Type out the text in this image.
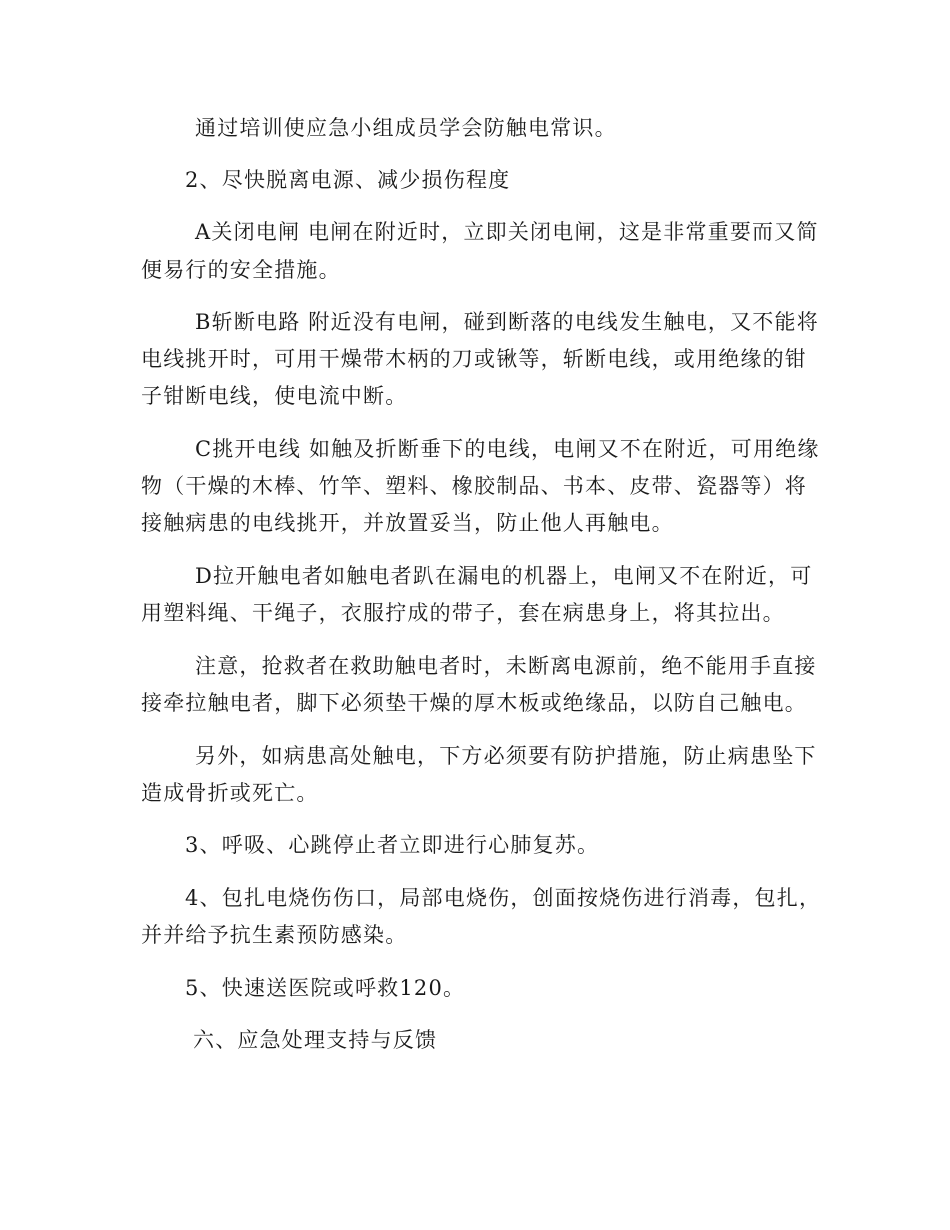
通过培训使应急小组成员学会防触电常识。
2、尽快脱离电源、减少损伤程度
A关闭电闸 电闸在附近时，立即关闭电闸，这是非常重要而又简
便易行的安全措施。
B斩断电路 附近没有电闸，碰到断落的电线发生触电，又不能将
电线挑开时，可用干燥带木柄的刀或锹等，斩断电线，或用绝缘的钳
子钳断电线，使电流中断。
C挑开电线 如触及折断垂下的电线，电闸又不在附近，可用绝缘
物（干燥的木棒、竹竿、塑料、橡胶制品、书本、皮带、瓷器等）将
接触病患的电线挑开，并放置妥当，防止他人再触电。
D拉开触电者如触电者趴在漏电的机器上，电闸又不在附近，可
用塑料绳、干绳子，衣服拧成的带子，套在病患身上，将其拉出。
注意，抢救者在救助触电者时，未断离电源前，绝不能用手直接
接牵拉触电者，脚下必须垫干燥的厚木板或绝缘品，以防自己触电。
另外，如病患高处触电，下方必须要有防护措施，防止病患坠下
造成骨折或死亡。
3、呼吸、心跳停止者立即进行心肺复苏。
4、包扎电烧伤伤口，局部电烧伤，创面按烧伤进行消毒，包扎，
并并给予抗生素预防感染。
5、快速送医院或呼救120。
六、应急处理支持与反馈
